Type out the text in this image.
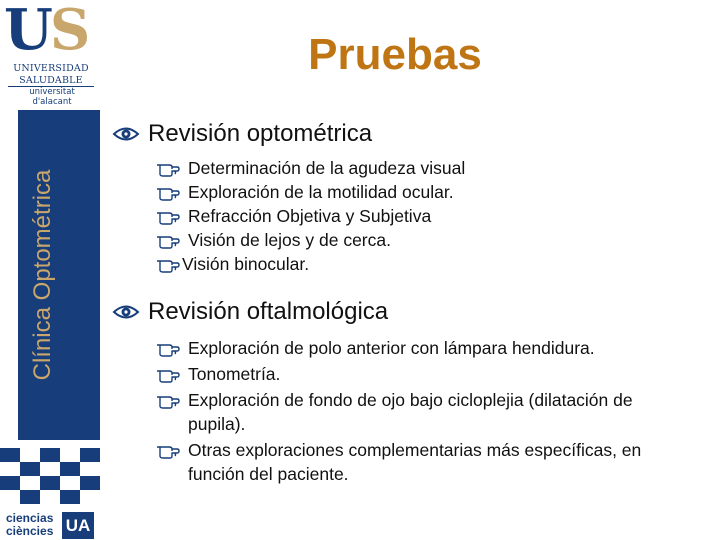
US
UNIVERSIDAD
SALUDABLE
universitat
d'alacant
Clínica Optométrica
ciencias
ciències UA
Pruebas
Revisión optométrica
Determinación de la agudeza visual
Exploración de la motilidad ocular.
Refracción Objetiva y Subjetiva
Visión de lejos y de cerca.
Visión binocular.
Revisión oftalmológica
Exploración de polo anterior con lámpara hendidura.
Tonometría.
Exploración de fondo de ojo bajo cicloplejia (dilatación de pupila).
Otras exploraciones complementarias más específicas, en función del paciente.
